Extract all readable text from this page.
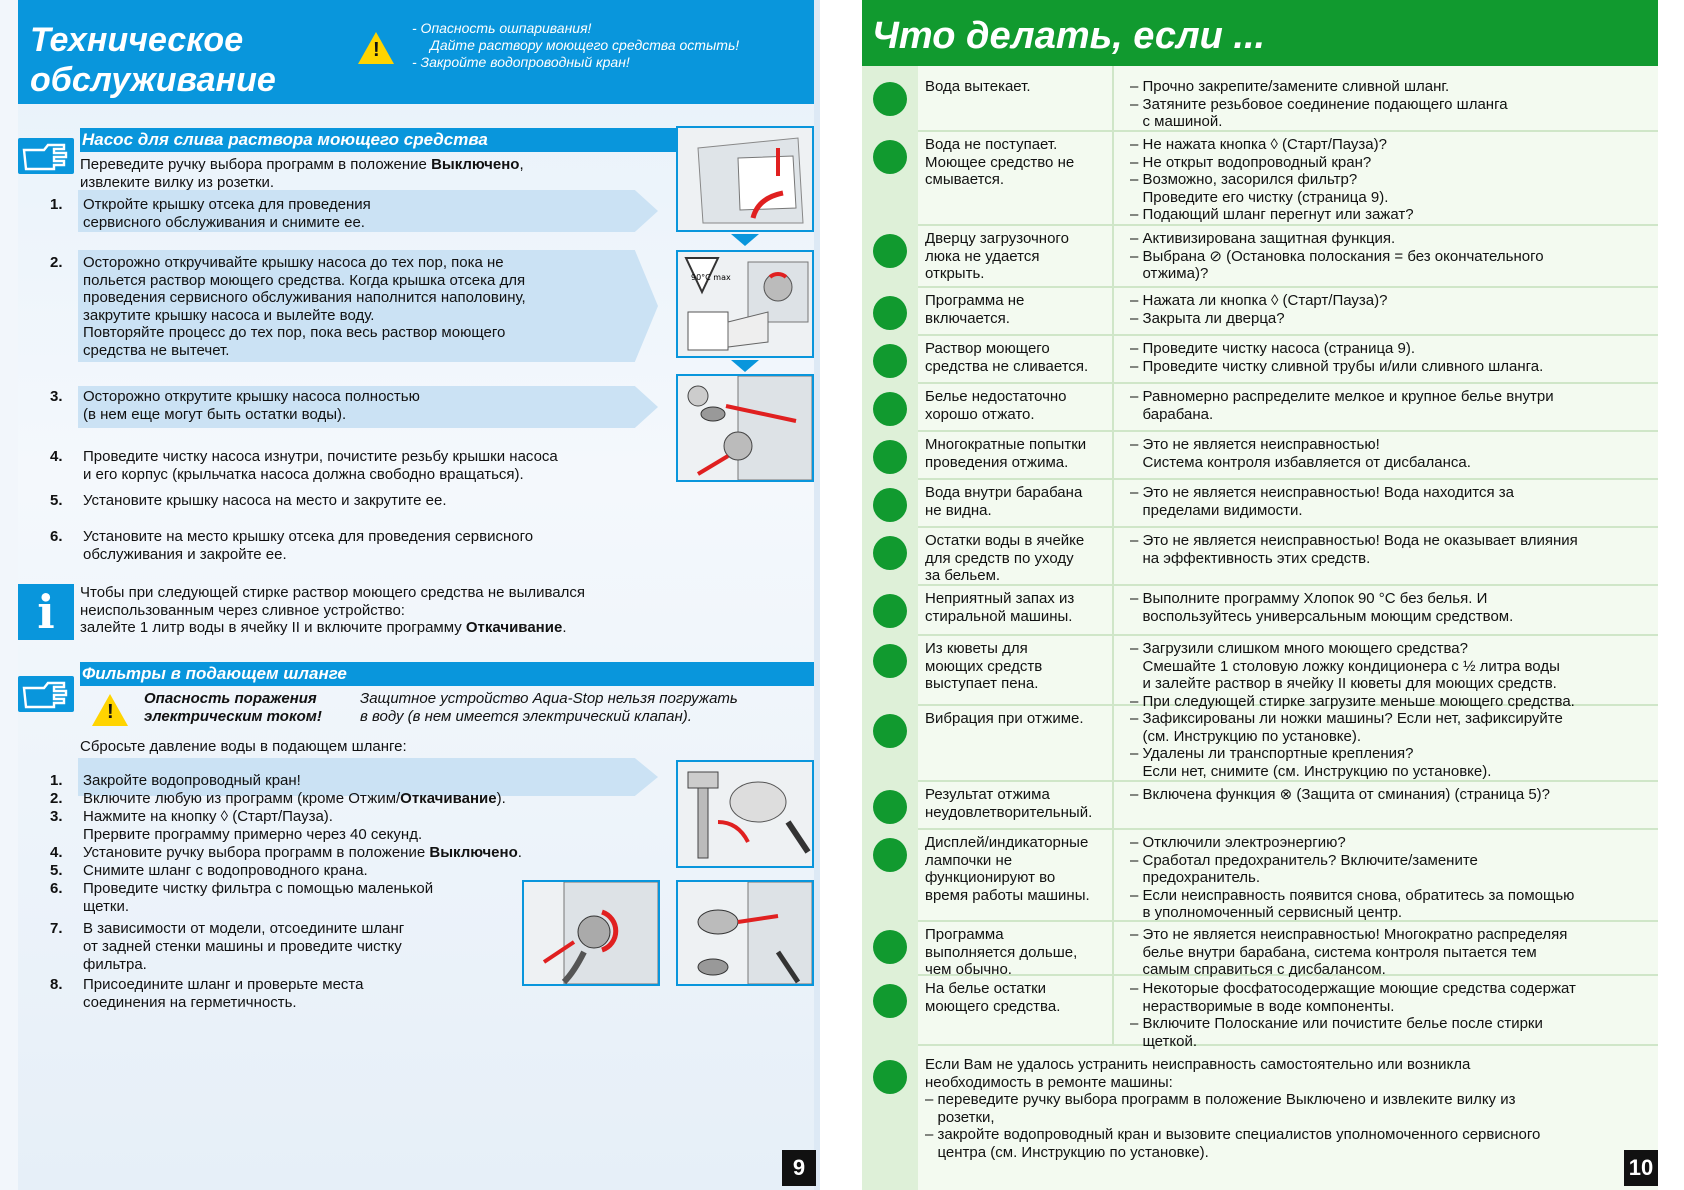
Техническое
обслуживание
!
- Опасность ошпаривания!
Дайте раствору моющего средства остыть!
- Закройте водопроводный кран!
Насос для слива раствора моющего средства
Переведите ручку выбора программ в положение Выключено,
извлеките вилку из розетки.
1. Откройте крышку отсека для проведения
сервисного обслуживания и снимите ее.
2. Осторожно откручивайте крышку насоса до тех пор, пока не
польется раствор моющего средства. Когда крышка отсека для
проведения сервисного обслуживания наполнится наполовину,
закрутите крышку насоса и вылейте воду.
Повторяйте процесс до тех пор, пока весь раствор моющего
средства не вытечет.
3. Осторожно открутите крышку насоса полностью
(в нем еще могут быть остатки воды).
4. Проведите чистку насоса изнутри, почистите резьбу крышки насоса
и его корпус (крыльчатка насоса должна свободно вращаться).
5. Установите крышку насоса на место и закрутите ее.
6. Установите на место крышку отсека для проведения сервисного
обслуживания и закройте ее.
90°C max
i	Чтобы при следующей стирке раствор моющего средства не выливался
неиспользованным через сливное устройство:
залейте 1 литр воды в ячейку II и включите программу Откачивание.
Фильтры в подающем шланге
!
Опасность поражения
электрическим током!
Защитное устройство Aqua-Stop нельзя погружать
в воду (в нем имеется электрический клапан).
Сбросьте давление воды в подающем шланге:
1. Закройте водопроводный кран!
2. Включите любую из программ (кроме Отжим/Откачивание).
3. Нажмите на кнопку ◊ (Старт/Пауза).
Прервите программу примерно через 40 секунд.
4. Установите ручку выбора программ в положение Выключено.
5. Снимите шланг с водопроводного крана.
6. Проведите чистку фильтра с помощью маленькой
щетки.
7. В зависимости от модели, отсоедините шланг
от задней стенки машины и проведите чистку
фильтра.
8. Присоедините шланг и проверьте места
соединения на герметичность.
9
Что делать, если ...
Вода вытекает.	– Прочно закрепите/замените сливной шланг.
– Затяните резьбовое соединение подающего шланга
с машиной.
Вода не поступает.
Моющее средство не
смывается.
– Не нажата кнопка ◊ (Старт/Пауза)?
– Не открыт водопроводный кран?
– Возможно, засорился фильтр?
Проведите его чистку (страница 9).
– Подающий шланг перегнут или зажат?
Дверцу загрузочного
люка не удается
открыть.
– Активизирована защитная функция.
– Выбрана ⊘ (Остановка полоскания = без окончательного
отжима)?
Программа не
включается.
– Нажата ли кнопка ◊ (Старт/Пауза)?
– Закрыта ли дверца?
Раствор моющего
средства не сливается.
– Проведите чистку насоса (страница 9).
– Проведите чистку сливной трубы и/или сливного шланга.
Белье недостаточно
хорошо отжато.
– Равномерно распределите мелкое и крупное белье внутри
барабана.
Многократные попытки
проведения отжима.
– Это не является неисправностью!
Система контроля избавляется от дисбаланса.
Вода внутри барабана
не видна.
– Это не является неисправностью! Вода находится за
пределами видимости.
Остатки воды в ячейке
для средств по уходу
за бельем.
– Это не является неисправностью! Вода не оказывает влияния
на эффективность этих средств.
Неприятный запах из
стиральной машины.
– Выполните программу Хлопок 90 °C без белья. И
воспользуйтесь универсальным моющим средством.
Из кюветы для
моющих средств
выступает пена.
– Загрузили слишком много моющего средства?
Смешайте 1 столовую ложку кондиционера с ½ литра воды
и залейте раствор в ячейку II кюветы для моющих средств.
– При следующей стирке загрузите меньше моющего средства.
Вибрация при отжиме.	– Зафиксированы ли ножки машины? Если нет, зафиксируйте
(см. Инструкцию по установке).
– Удалены ли транспортные крепления?
Если нет, снимите (см. Инструкцию по установке).
Результат отжима
неудовлетворительный.
– Включена функция ⊗ (Защита от сминания) (страница 5)?
Дисплей/индикаторные
лампочки не
функционируют во
время работы машины.
– Отключили электроэнергию?
– Сработал предохранитель? Включите/замените
предохранитель.
– Если неисправность появится снова, обратитесь за помощью
в уполномоченный сервисный центр.
Программа
выполняется дольше,
чем обычно.
– Это не является неисправностью! Многократно распределяя
белье внутри барабана, система контроля пытается тем
самым справиться с дисбалансом.
На белье остатки
моющего средства.
– Некоторые фосфатосодержащие моющие средства содержат
нерастворимые в воде компоненты.
– Включите Полоскание или почистите белье после стирки
щеткой.
Если Вам не удалось устранить неисправность самостоятельно или возникла
необходимость в ремонте машины:
– переведите ручку выбора программ в положение Выключено и извлеките вилку из
розетки,
– закройте водопроводный кран и вызовите специалистов уполномоченного сервисного
центра (см. Инструкцию по установке).
10
